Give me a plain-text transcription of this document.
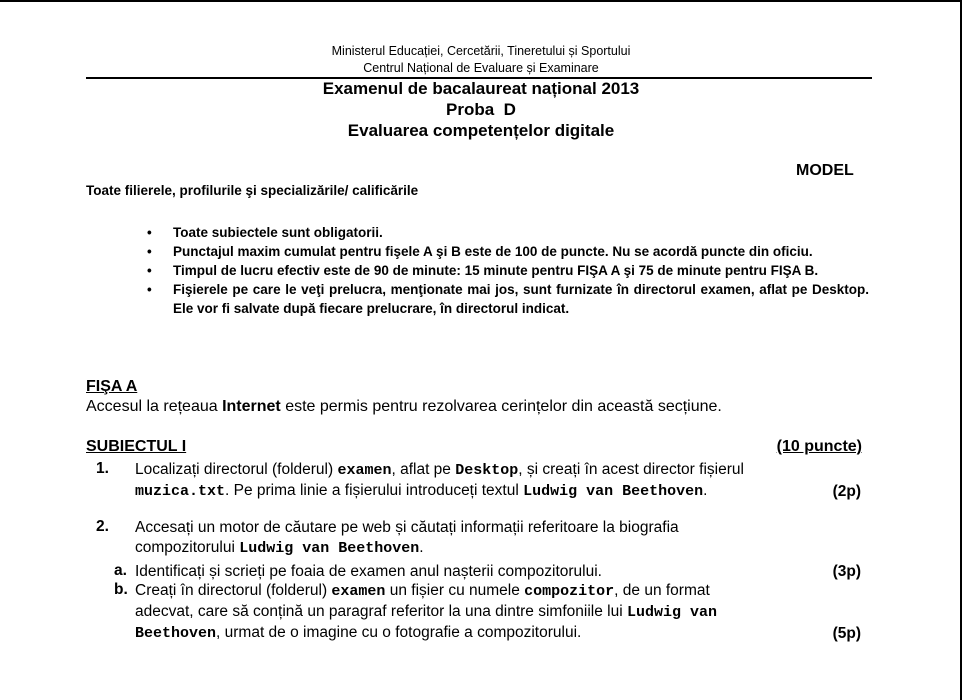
Ministerul Educației, Cercetării, Tineretului și Sportului
Centrul Național de Evaluare și Examinare
Examenul de bacalaureat național 2013
Proba  D
Evaluarea competențelor digitale
MODEL
Toate filierele, profilurile şi specializările/ calificările
• Toate subiectele sunt obligatorii.
• Punctajul maxim cumulat pentru fişele A şi B este de 100 de puncte. Nu se acordă puncte din oficiu.
• Timpul de lucru efectiv este de 90 de minute: 15 minute pentru FIŞA A şi 75 de minute pentru FIŞA B.
• Fişierele pe care le veţi prelucra, menţionate mai jos, sunt furnizate în directorul examen, aflat pe Desktop. Ele vor fi salvate după fiecare prelucrare, în directorul indicat.
FIŞA A
Accesul la rețeaua Internet este permis pentru rezolvarea cerințelor din această secțiune.
SUBIECTUL I	(10 puncte)
1. Localizați directorul (folderul) examen, aflat pe Desktop, și creați în acest director fișierul
muzica.txt. Pe prima linie a fișierului introduceți textul Ludwig van Beethoven.	(2p)
2. Accesați un motor de căutare pe web și căutați informații referitoare la biografia
compozitorului Ludwig van Beethoven.
a. Identificați și scrieți pe foaia de examen anul nașterii compozitorului.	(3p)
b. Creați în directorul (folderul) examen un fișier cu numele compozitor, de un format
adecvat, care să conțină un paragraf referitor la una dintre simfoniile lui Ludwig van
Beethoven, urmat de o imagine cu o fotografie a compozitorului.	(5p)
